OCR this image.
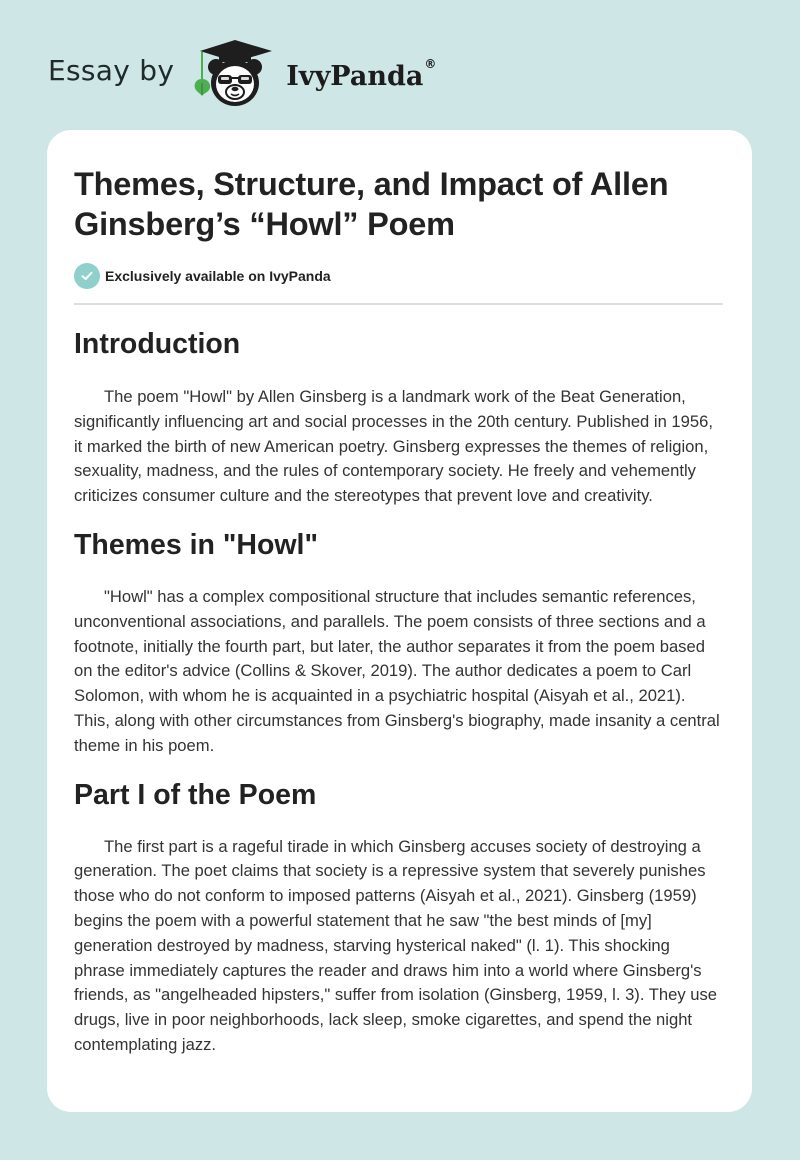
Essay by	IvyPanda®
Themes, Structure, and Impact of Allen Ginsberg’s “Howl” Poem
Exclusively available on IvyPanda
Introduction

The poem "Howl" by Allen Ginsberg is a landmark work of the Beat Generation, significantly influencing art and social processes in the 20th century. Published in 1956, it marked the birth of new American poetry. Ginsberg expresses the themes of religion, sexuality, madness, and the rules of contemporary society. He freely and vehemently criticizes consumer culture and the stereotypes that prevent love and creativity.

Themes in "Howl"

"Howl" has a complex compositional structure that includes semantic references, unconventional associations, and parallels. The poem consists of three sections and a footnote, initially the fourth part, but later, the author separates it from the poem based on the editor's advice (Collins & Skover, 2019). The author dedicates a poem to Carl Solomon, with whom he is acquainted in a psychiatric hospital (Aisyah et al., 2021). This, along with other circumstances from Ginsberg's biography, made insanity a central theme in his poem.

Part I of the Poem

The first part is a rageful tirade in which Ginsberg accuses society of destroying a generation. The poet claims that society is a repressive system that severely punishes those who do not conform to imposed patterns (Aisyah et al., 2021). Ginsberg (1959) begins the poem with a powerful statement that he saw "the best minds of [my] generation destroyed by madness, starving hysterical naked" (l. 1). This shocking phrase immediately captures the reader and draws him into a world where Ginsberg's friends, as "angelheaded hipsters," suffer from isolation (Ginsberg, 1959, l. 3). They use drugs, live in poor neighborhoods, lack sleep, smoke cigarettes, and spend the night contemplating jazz.
